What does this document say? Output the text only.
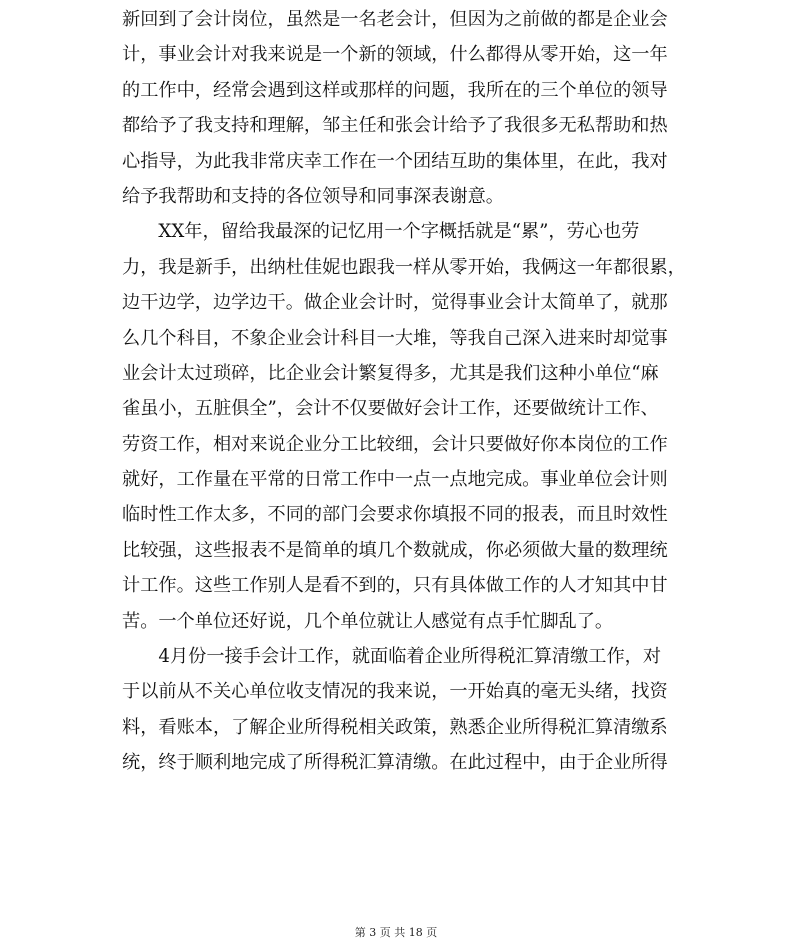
新回到了会计岗位，虽然是一名老会计，但因为之前做的都是企业会
计，事业会计对我来说是一个新的领域，什么都得从零开始，这一年
的工作中，经常会遇到这样或那样的问题，我所在的三个单位的领导
都给予了我支持和理解，邹主任和张会计给予了我很多无私帮助和热
心指导，为此我非常庆幸工作在一个团结互助的集体里，在此，我对
给予我帮助和支持的各位领导和同事深表谢意。
　　XX年，留给我最深的记忆用一个字概括就是“累”，劳心也劳
力，我是新手，出纳杜佳妮也跟我一样从零开始，我俩这一年都很累，
边干边学，边学边干。做企业会计时，觉得事业会计太简单了，就那
么几个科目，不象企业会计科目一大堆，等我自己深入进来时却觉事
业会计太过琐碎，比企业会计繁复得多，尤其是我们这种小单位“麻
雀虽小，五脏俱全”，会计不仅要做好会计工作，还要做统计工作、
劳资工作，相对来说企业分工比较细，会计只要做好你本岗位的工作
就好，工作量在平常的日常工作中一点一点地完成。事业单位会计则
临时性工作太多，不同的部门会要求你填报不同的报表，而且时效性
比较强，这些报表不是简单的填几个数就成，你必须做大量的数理统
计工作。这些工作别人是看不到的，只有具体做工作的人才知其中甘
苦。一个单位还好说，几个单位就让人感觉有点手忙脚乱了。
　　4月份一接手会计工作，就面临着企业所得税汇算清缴工作，对
于以前从不关心单位收支情况的我来说，一开始真的毫无头绪，找资
料，看账本，了解企业所得税相关政策，熟悉企业所得税汇算清缴系
统，终于顺利地完成了所得税汇算清缴。在此过程中，由于企业所得
第 3 页 共 18 页
